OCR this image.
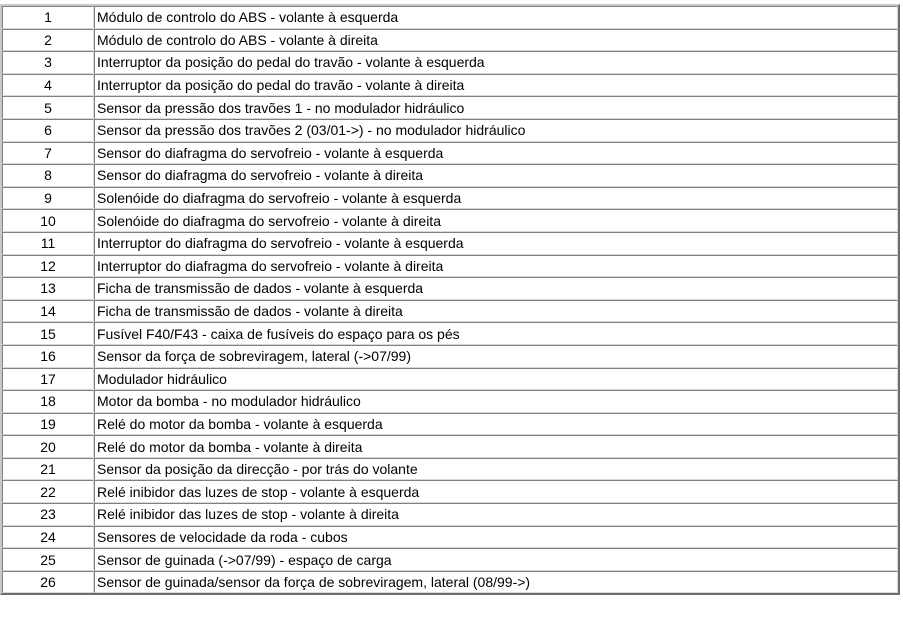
1	Módulo de controlo do ABS - volante à esquerda
2	Módulo de controlo do ABS - volante à direita
3	Interruptor da posição do pedal do travão - volante à esquerda
4	Interruptor da posição do pedal do travão - volante à direita
5	Sensor da pressão dos travões 1 - no modulador hidráulico
6	Sensor da pressão dos travões 2 (03/01->) - no modulador hidráulico
7	Sensor do diafragma do servofreio - volante à esquerda
8	Sensor do diafragma do servofreio - volante à direita
9	Solenóide do diafragma do servofreio - volante à esquerda
10	Solenóide do diafragma do servofreio - volante à direita
11	Interruptor do diafragma do servofreio - volante à esquerda
12	Interruptor do diafragma do servofreio - volante à direita
13	Ficha de transmissão de dados - volante à esquerda
14	Ficha de transmissão de dados - volante à direita
15	Fusível F40/F43 - caixa de fusíveis do espaço para os pés
16	Sensor da força de sobreviragem, lateral (->07/99)
17	Modulador hidráulico
18	Motor da bomba - no modulador hidráulico
19	Relé do motor da bomba - volante à esquerda
20	Relé do motor da bomba - volante à direita
21	Sensor da posição da direcção - por trás do volante
22	Relé inibidor das luzes de stop - volante à esquerda
23	Relé inibidor das luzes de stop - volante à direita
24	Sensores de velocidade da roda - cubos
25	Sensor de guinada (->07/99) - espaço de carga
26	Sensor de guinada/sensor da força de sobreviragem, lateral (08/99->)
